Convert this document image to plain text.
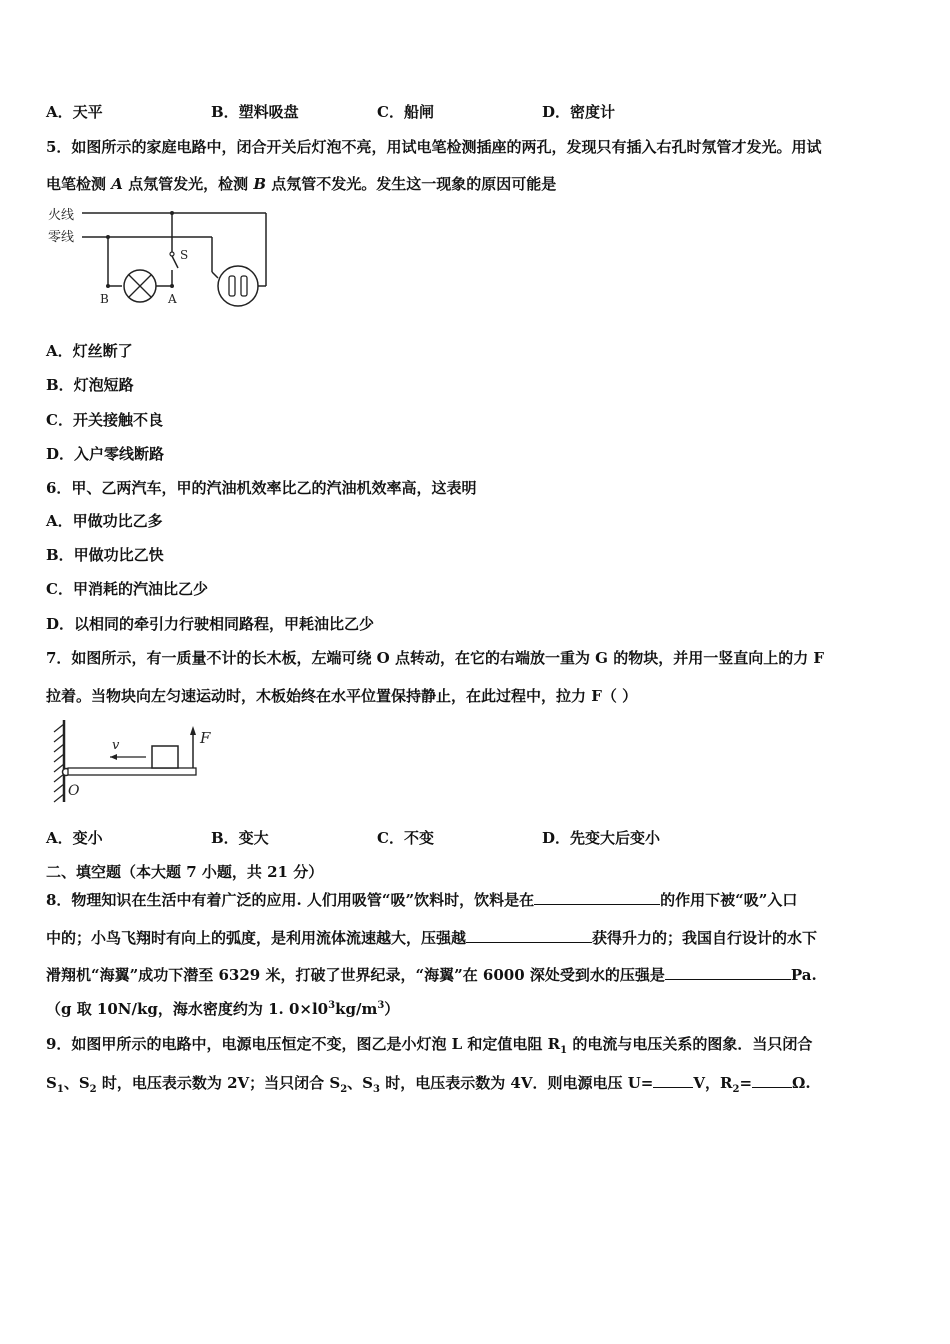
A．天平	B．塑料吸盘	C．船闸	D．密度计
5．如图所示的家庭电路中，闭合开关后灯泡不亮，用试电笔检测插座的两孔，发现只有插入右孔时氖管才发光。用试
电笔检测 A 点氖管发光，检测 B 点氖管不发光。发生这一现象的原因可能是
火线
零线
S
B	A
A．灯丝断了
B．灯泡短路
C．开关接触不良
D．入户零线断路
6．甲、乙两汽车，甲的汽油机效率比乙的汽油机效率高，这表明
A．甲做功比乙多
B．甲做功比乙快
C．甲消耗的汽油比乙少
D．以相同的牵引力行驶相同路程，甲耗油比乙少
7．如图所示，有一质量不计的长木板，左端可绕 O 点转动，在它的右端放一重为 G 的物块，并用一竖直向上的力 F
拉着。当物块向左匀速运动时，木板始终在水平位置保持静止，在此过程中，拉力 F（ ）
v	F
O
A．变小	B．变大	C．不变	D．先变大后变小
二、填空题（本大题 7 小题，共 21 分）
8．物理知识在生活中有着广泛的应用. 人们用吸管“吸”饮料时，饮料是在	的作用下被“吸”入口
中的；小鸟飞翔时有向上的弧度，是利用流体流速越大，压强越	获得升力的；我国自行设计的水下
滑翔机“海翼”成功下潜至 6329 米，打破了世界纪录，“海翼”在 6000 深处受到水的压强是	Pa.
（g 取 10N/kg，海水密度约为 1. $0\times l0^3kg/m^3$）
9．如图甲所示的电路中，电源电压恒定不变，图乙是小灯泡 L 和定值电阻 $R_1$ 的电流与电压关系的图象．当只闭合
$S_1$、$S_2$ 时，电压表示数为 2V；当只闭合 $S_2$、$S_3$ 时，电压表示数为 4V．则电源电压 U=	V，$R_2=$	Ω.
